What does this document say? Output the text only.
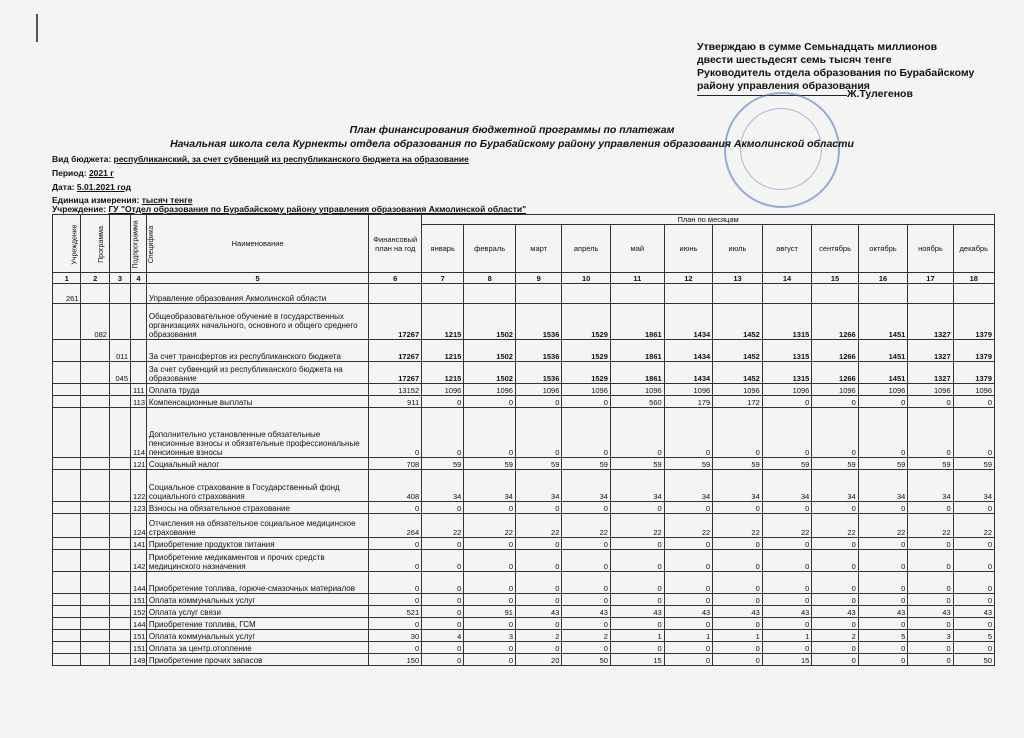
Утверждаю в сумме Семьнадцать миллионов
двести шестьдесят семь тысяч тенге
Руководитель отдела образования по Бурабайскому
району управления образования
Ж.Тулегенов
План финансирования бюджетной программы по платежам
Начальная школа села Курнекты отдела образования по Бурабайскому району управления образования Акмолинской области
Вид бюджета: республиканский, за счет субвенций из республиканского бюджета на образование
Период: 2021 г
Дата: 5.01.2021 год
Единица измерения: тысяч тенге
Учреждение: ГУ "Отдел образования по Бурабайскому району управления образования Акмолинской области"
Учреждение	Программа	Подпрограмма	Специфика	Наименование	Финансовый план на год	План по месяцам											
						январь	февраль	март	апрель	май	июнь	июль	август	сентябрь	октябрь	ноябрь	декабрь
1	2	3	4	5	6	7	8	9	10	11	12	13	14	15	16	17	18
261				Управление образования Акмолинской области													
	082			Общеобразовательное обучение в государственных организациях начального, основного и общего среднего образования	17267	1215	1502	1536	1529	1861	1434	1452	1315	1266	1451	1327	1379
		011		За счет трансфертов из республиканского бюджета	17267	1215	1502	1536	1529	1861	1434	1452	1315	1266	1451	1327	1379
		045		За счет субвенций из республиканского бюджета на образование	17267	1215	1502	1536	1529	1861	1434	1452	1315	1266	1451	1327	1379
			111	Оплата труда	13152	1096	1096	1096	1096	1096	1096	1096	1096	1096	1096	1096	1096
			113	Компенсационные выплаты	911	0	0	0	0	560	179	172	0	0	0	0	0
			114	Дополнительно установленные обязательные пенсионные взносы и обязательные профессиональные пенсионные взносы	0	0	0	0	0	0	0	0	0	0	0	0	0
			121	Социальный налог	708	59	59	59	59	59	59	59	59	59	59	59	59
			122	Социальное страхование в Государственный фонд социального страхования	408	34	34	34	34	34	34	34	34	34	34	34	34
			123	Взносы на обязательное страхование	0	0	0	0	0	0	0	0	0	0	0	0	0
			124	Отчисления на обязательное социальное медицинское страхование	264	22	22	22	22	22	22	22	22	22	22	22	22
			141	Приобретение продуктов питания	0	0	0	0	0	0	0	0	0	0	0	0	0
			142	Приобретение медикаментов и прочих средств медицинского назначения	0	0	0	0	0	0	0	0	0	0	0	0	0
			144	Приобретение топлива, горюче-смазочных материалов	0	0	0	0	0	0	0	0	0	0	0	0	0
			151	Оплата коммунальных услуг	0	0	0	0	0	0	0	0	0	0	0	0	0
			152	Оплата услуг связи	521	0	91	43	43	43	43	43	43	43	43	43	43
			144	Приобретение топлива, ГСМ	0	0	0	0	0	0	0	0	0	0	0	0	0
			151	Оплата коммунальных услуг	30	4	3	2	2	1	1	1	1	2	5	3	5
			151	Оплата за центр.отопление	0	0	0	0	0	0	0	0	0	0	0	0	0
			149	Приобретение прочих запасов	150	0	0	20	50	15	0	0	15	0	0	0	50
